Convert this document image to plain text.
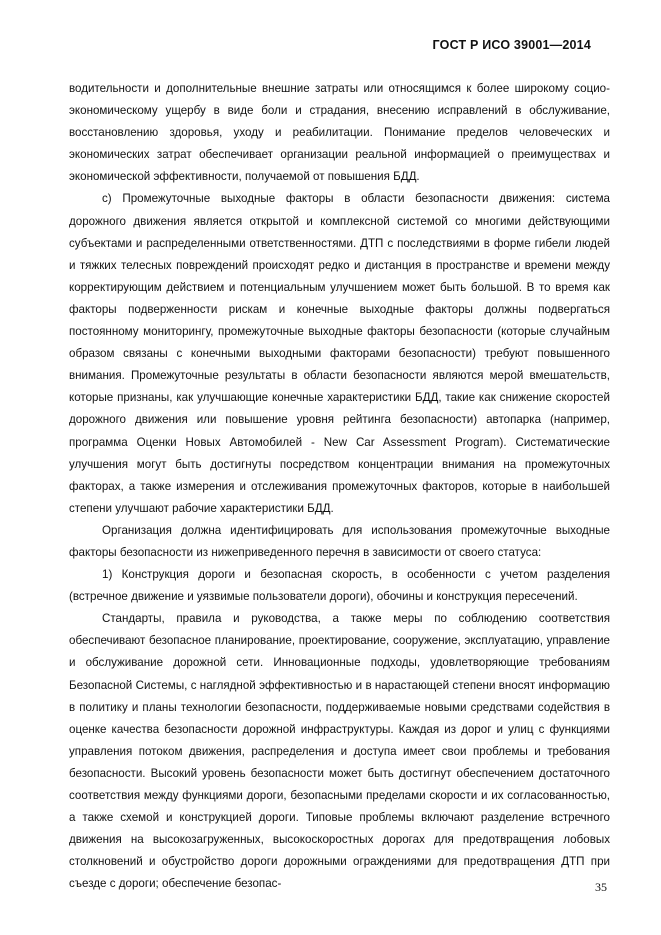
ГОСТ Р ИСО 39001—2014

водительности и дополнительные внешние затраты или относящимся к более широкому социо-экономическому ущербу в виде боли и страдания, внесению исправлений в обслуживание, восстановлению здоровья, уходу и реабилитации. Понимание пределов человеческих и экономических затрат обеспечивает организации реальной информацией о преимуществах и экономической эффективности, получаемой от повышения БДД.

с) Промежуточные выходные факторы в области безопасности движения: система дорожного движения является открытой и комплексной системой со многими действующими субъектами и распределенными ответственностями. ДТП с последствиями в форме гибели людей и тяжких телесных повреждений происходят редко и дистанция в пространстве и времени между корректирующим действием и потенциальным улучшением может быть большой. В то время как факторы подверженности рискам и конечные выходные факторы должны подвергаться постоянному мониторингу, промежуточные выходные факторы безопасности (которые случайным образом связаны с конечными выходными факторами безопасности) требуют повышенного внимания. Промежуточные результаты в области безопасности являются мерой вмешательств, которые признаны, как улучшающие конечные характеристики БДД, такие как снижение скоростей дорожного движения или повышение уровня рейтинга безопасности) автопарка (например, программа Оценки Новых Автомобилей - New Car Assessment Program). Систематические улучшения могут быть достигнуты посредством концентрации внимания на промежуточных факторах, а также измерения и отслеживания промежуточных факторов, которые в наибольшей степени улучшают рабочие характеристики БДД.

Организация должна идентифицировать для использования промежуточные выходные факторы безопасности из нижеприведенного перечня в зависимости от своего статуса:

1) Конструкция дороги и безопасная скорость, в особенности с учетом разделения (встречное движение и уязвимые пользователи дороги), обочины и конструкция пересечений.

Стандарты, правила и руководства, а также меры по соблюдению соответствия обеспечивают безопасное планирование, проектирование, сооружение, эксплуатацию, управление и обслуживание дорожной сети. Инновационные подходы, удовлетворяющие требованиям Безопасной Системы, с наглядной эффективностью и в нарастающей степени вносят информацию в политику и планы технологии безопасности, поддерживаемые новыми средствами содействия в оценке качества безопасности дорожной инфраструктуры. Каждая из дорог и улиц с функциями управления потоком движения, распределения и доступа имеет свои проблемы и требования безопасности. Высокий уровень безопасности может быть достигнут обеспечением достаточного соответствия между функциями дороги, безопасными пределами скорости и их согласованностью, а также схемой и конструкцией дороги. Типовые проблемы включают разделение встречного движения на высокозагруженных, высокоскоростных дорогах для предотвращения лобовых столкновений и обустройство дороги дорожными ограждениями для предотвращения ДТП при съезде с дороги; обеспечение безопас-	35
